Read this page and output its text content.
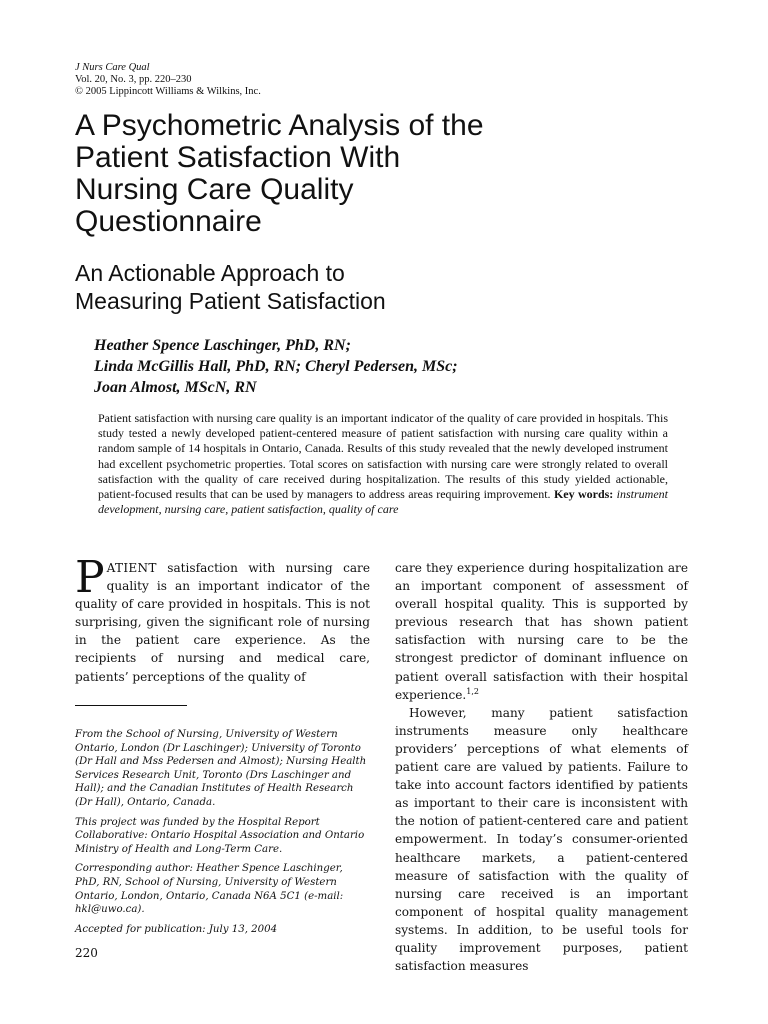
J Nurs Care Qual
Vol. 20, No. 3, pp. 220–230
© 2005 Lippincott Williams & Wilkins, Inc.
A Psychometric Analysis of the
Patient Satisfaction With
Nursing Care Quality
Questionnaire
An Actionable Approach to
Measuring Patient Satisfaction
Heather Spence Laschinger, PhD, RN;
Linda McGillis Hall, PhD, RN; Cheryl Pedersen, MSc;
Joan Almost, MScN, RN
Patient satisfaction with nursing care quality is an important indicator of the quality of care provided in hospitals. This study tested a newly developed patient-centered measure of patient satisfaction with nursing care quality within a random sample of 14 hospitals in Ontario, Canada. Results of this study revealed that the newly developed instrument had excellent psychometric properties. Total scores on satisfaction with nursing care were strongly related to overall satisfaction with the quality of care received during hospitalization. The results of this study yielded actionable, patient-focused results that can be used by managers to address areas requiring improvement. Key words: instrument development, nursing care, patient satisfaction, quality of care

PATIENT satisfaction with nursing care quality is an important indicator of the quality of care provided in hospitals. This is not surprising, given the significant role of nursing in the patient care experience. As the recipients of nursing and medical care, patients’ perceptions of the quality of

From the School of Nursing, University of Western Ontario, London (Dr Laschinger); University of Toronto (Dr Hall and Mss Pedersen and Almost); Nursing Health Services Research Unit, Toronto (Drs Laschinger and Hall); and the Canadian Institutes of Health Research (Dr Hall), Ontario, Canada.

This project was funded by the Hospital Report Collaborative: Ontario Hospital Association and Ontario Ministry of Health and Long-Term Care.

Corresponding author: Heather Spence Laschinger, PhD, RN, School of Nursing, University of Western Ontario, London, Ontario, Canada N6A 5C1 (e-mail: hkl@uwo.ca).

Accepted for publication: July 13, 2004

care they experience during hospitalization are an important component of assessment of overall hospital quality. This is supported by previous research that has shown patient satisfaction with nursing care to be the strongest predictor of dominant influence on patient overall satisfaction with their hospital experience.$^{1,2}$

However, many patient satisfaction instruments measure only healthcare providers’ perceptions of what elements of patient care are valued by patients. Failure to take into account factors identified by patients as important to their care is inconsistent with the notion of patient-centered care and patient empowerment. In today’s consumer-oriented healthcare markets, a patient-centered measure of satisfaction with the quality of nursing care received is an important component of hospital quality management systems. In addition, to be useful tools for quality improvement purposes, patient satisfaction measures

220
